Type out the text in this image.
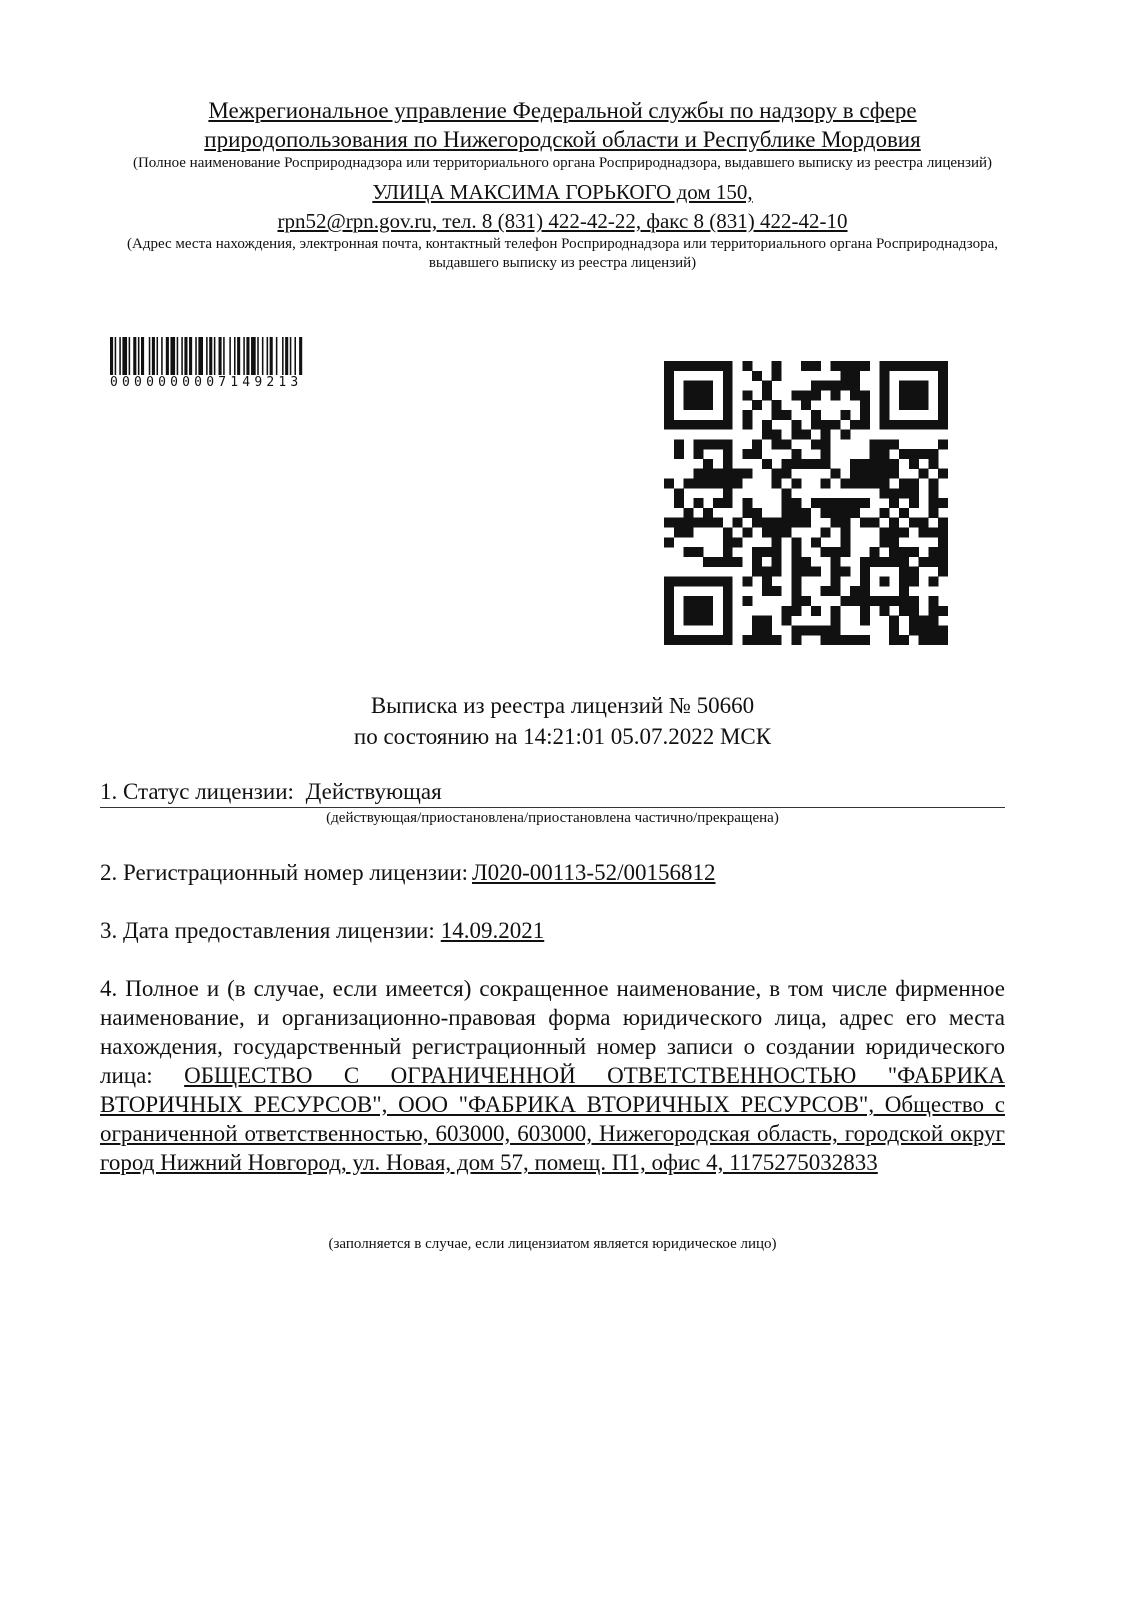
Межрегиональное управление Федеральной службы по надзору в сфере
природопользования по Нижегородской области и Республике Мордовия
(Полное наименование Росприроднадзора или территориального органа Росприроднадзора, выдавшего выписку из реестра лицензий)
УЛИЦА МАКСИМА ГОРЬКОГО дом 150,
rpn52@rpn.gov.ru, тел. 8 (831) 422-42-22, факс 8 (831) 422-42-10
(Адрес места нахождения, электронная почта, контактный телефон Росприроднадзора или территориального органа Росприроднадзора, выдавшего выписку из реестра лицензий)
0000000007149213
Выписка из реестра лицензий № 50660
по состоянию на 14:21:01 05.07.2022 МСК
1. Статус лицензии: Действующая
(действующая/приостановлена/приостановлена частично/прекращена)
2. Регистрационный номер лицензии: Л020-00113-52/00156812
3. Дата предоставления лицензии: 14.09.2021
4. Полное и (в случае, если имеется) сокращенное наименование, в том числе фирменное наименование, и организационно-правовая форма юридического лица, адрес его места нахождения, государственный регистрационный номер записи о создании юридического лица: ОБЩЕСТВО С ОГРАНИЧЕННОЙ ОТВЕТСТВЕННОСТЬЮ "ФАБРИКА ВТОРИЧНЫХ РЕСУРСОВ", ООО "ФАБРИКА ВТОРИЧНЫХ РЕСУРСОВ", Общество с ограниченной ответственностью, 603000, 603000, Нижегородская область, городской округ город Нижний Новгород, ул. Новая, дом 57, помещ. П1, офис 4, 1175275032833
(заполняется в случае, если лицензиатом является юридическое лицо)
